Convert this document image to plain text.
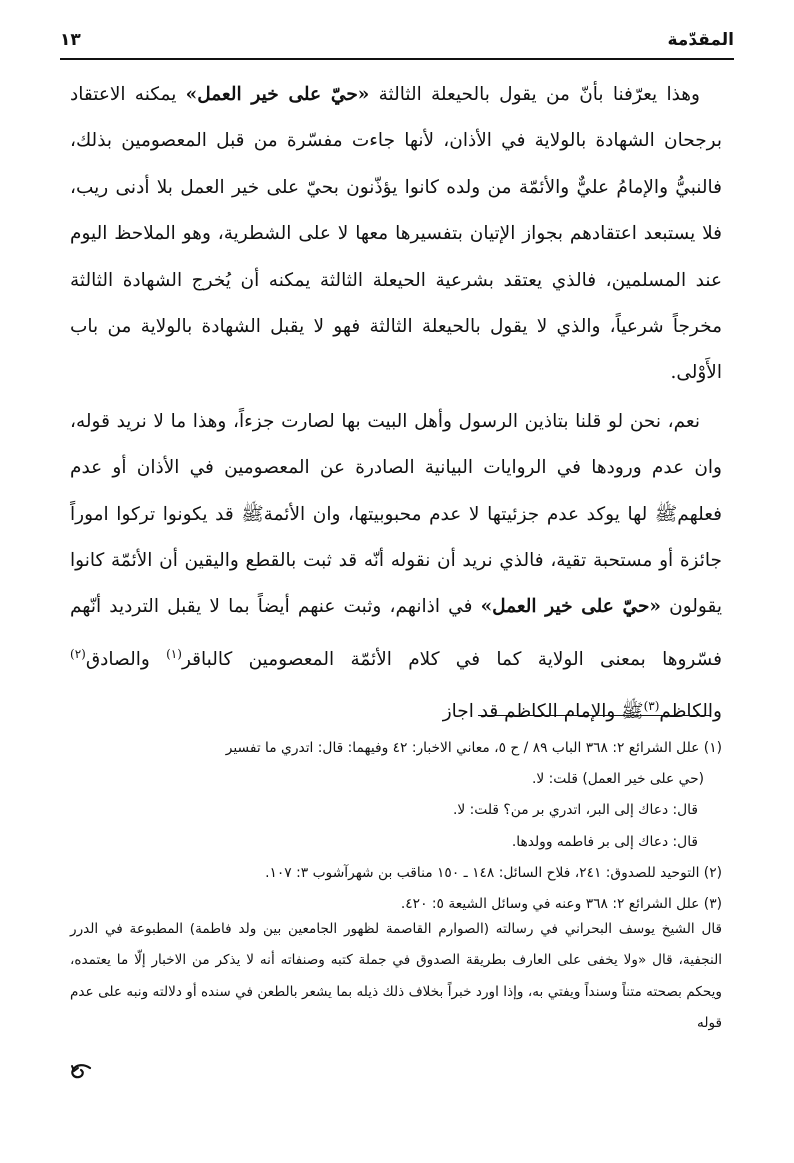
المقدّمة
١٣

وهذا يعرّفنا بأنّ من يقول بالحيعلة الثالثة «حيّ على خير العمل» يمكنه الاعتقاد برجحان الشهادة بالولاية في الأذان، لأنها جاءت مفسّرة من قبل المعصومين بذلك، فالنبيُّ والإمامُ عليٌّ والأئمّة من ولده كانوا يؤذّنون بحيّ على خير العمل بلا أدنى ريب، فلا يستبعد اعتقادهم بجواز الإتيان بتفسيرها معها لا على الشطرية، وهو الملاحظ اليوم عند المسلمين، فالذي يعتقد بشرعية الحيعلة الثالثة يمكنه أن يُخرج الشهادة الثالثة مخرجاً شرعياً، والذي لا يقول بالحيعلة الثالثة فهو لا يقبل الشهادة بالولاية من باب الأَوْلى.

نعم، نحن لو قلنا بتاذين الرسول وأهل البيت بها لصارت جزءاً، وهذا ما لا نريد قوله، وان عدم ورودها في الروايات البيانية الصادرة عن المعصومين في الأذان أو عدم فعلهمﷺ لها يوكد عدم جزئيتها لا عدم محبوبيتها، وان الأئمةﷺ قد يكونوا تركوا اموراً جائزة أو مستحبة تقية، فالذي نريد أن نقوله أنّه قد ثبت بالقطع واليقين أن الأئمّة كانوا يقولون «حيّ على خير العمل» في اذانهم، وثبت عنهم أيضاً بما لا يقبل الترديد أنّهم فسّروها بمعنى الولاية كما في كلام الأئمّة المعصومين كالباقر$^{(١)}$ والصادق$^{(٢)}$ والكاظم$^{(٣)}$ﷺ والإمام الكاظم قد اجاز

(١) علل الشرائع ٢: ٣٦٨ الباب ٨٩ / ح ٥، معاني الاخبار: ٤٢ وفيهما: قال: اتدري ما تفسير

(حي على خير العمل) قلت: لا.

قال: دعاك إلى البر، اتدري بر من؟ قلت: لا.

قال: دعاك إلى بر فاطمه وولدها.

(٢) التوحيد للصدوق: ٢٤١، فلاح السائل: ١٤٨ ـ ١٥٠ مناقب بن شهرآشوب ٣: ١٠٧.

(٣) علل الشرائع ٢: ٣٦٨ وعنه في وسائل الشيعة ٥: ٤٢٠.

قال الشيخ يوسف البحراني في رسالته (الصوارم القاصمة لظهور الجامعين بين ولد فاطمة) المطبوعة في الدرر النجفية، قال «ولا يخفى على العارف بطريقة الصدوق في جملة كتبه وصنفاته أنه لا يذكر من الاخبار إلّا ما يعتمده، ويحكم بصحته متناً وسنداً ويفتي به، وإذا اورد خبراً بخلاف ذلك ذيله بما يشعر بالطعن في سنده أو دلالته ونبه على عدم قوله
